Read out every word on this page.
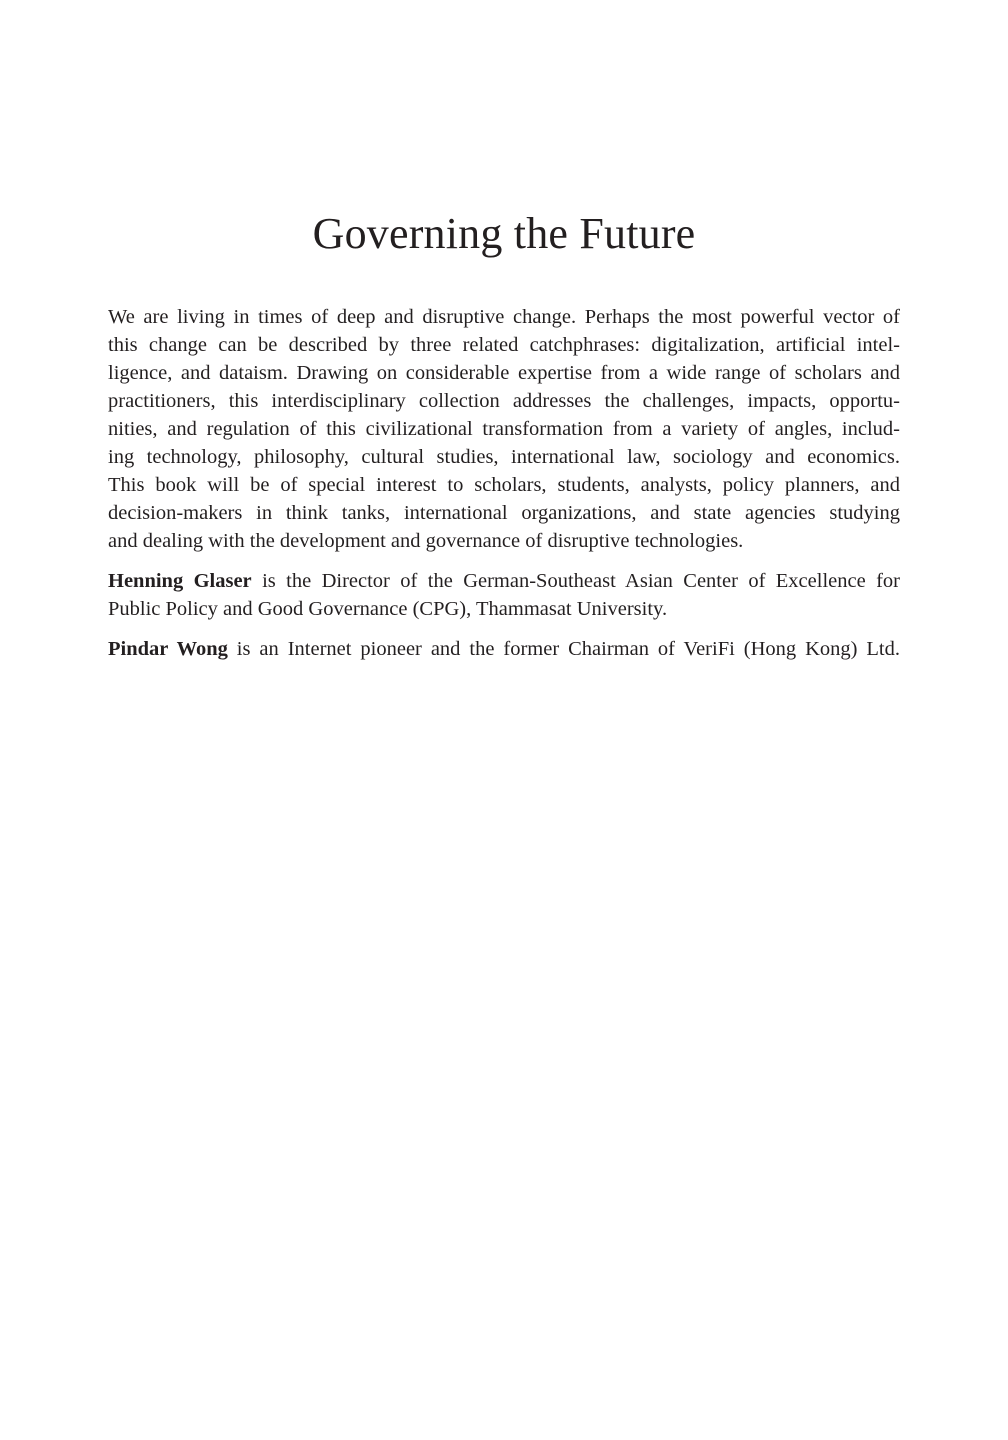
Governing the Future
We are living in times of deep and disruptive change. Perhaps the most powerful vector of
this change can be described by three related catchphrases: digitalization, artificial intel-
ligence, and dataism. Drawing on considerable expertise from a wide range of scholars and
practitioners, this interdisciplinary collection addresses the challenges, impacts, opportu-
nities, and regulation of this civilizational transformation from a variety of angles, includ-
ing technology, philosophy, cultural studies, international law, sociology and economics.
This book will be of special interest to scholars, students, analysts, policy planners, and
decision-makers in think tanks, international organizations, and state agencies studying
and dealing with the development and governance of disruptive technologies.
Henning Glaser is the Director of the German-Southeast Asian Center of Excellence for
Public Policy and Good Governance (CPG), Thammasat University.
Pindar Wong is an Internet pioneer and the former Chairman of VeriFi (Hong Kong) Ltd.
